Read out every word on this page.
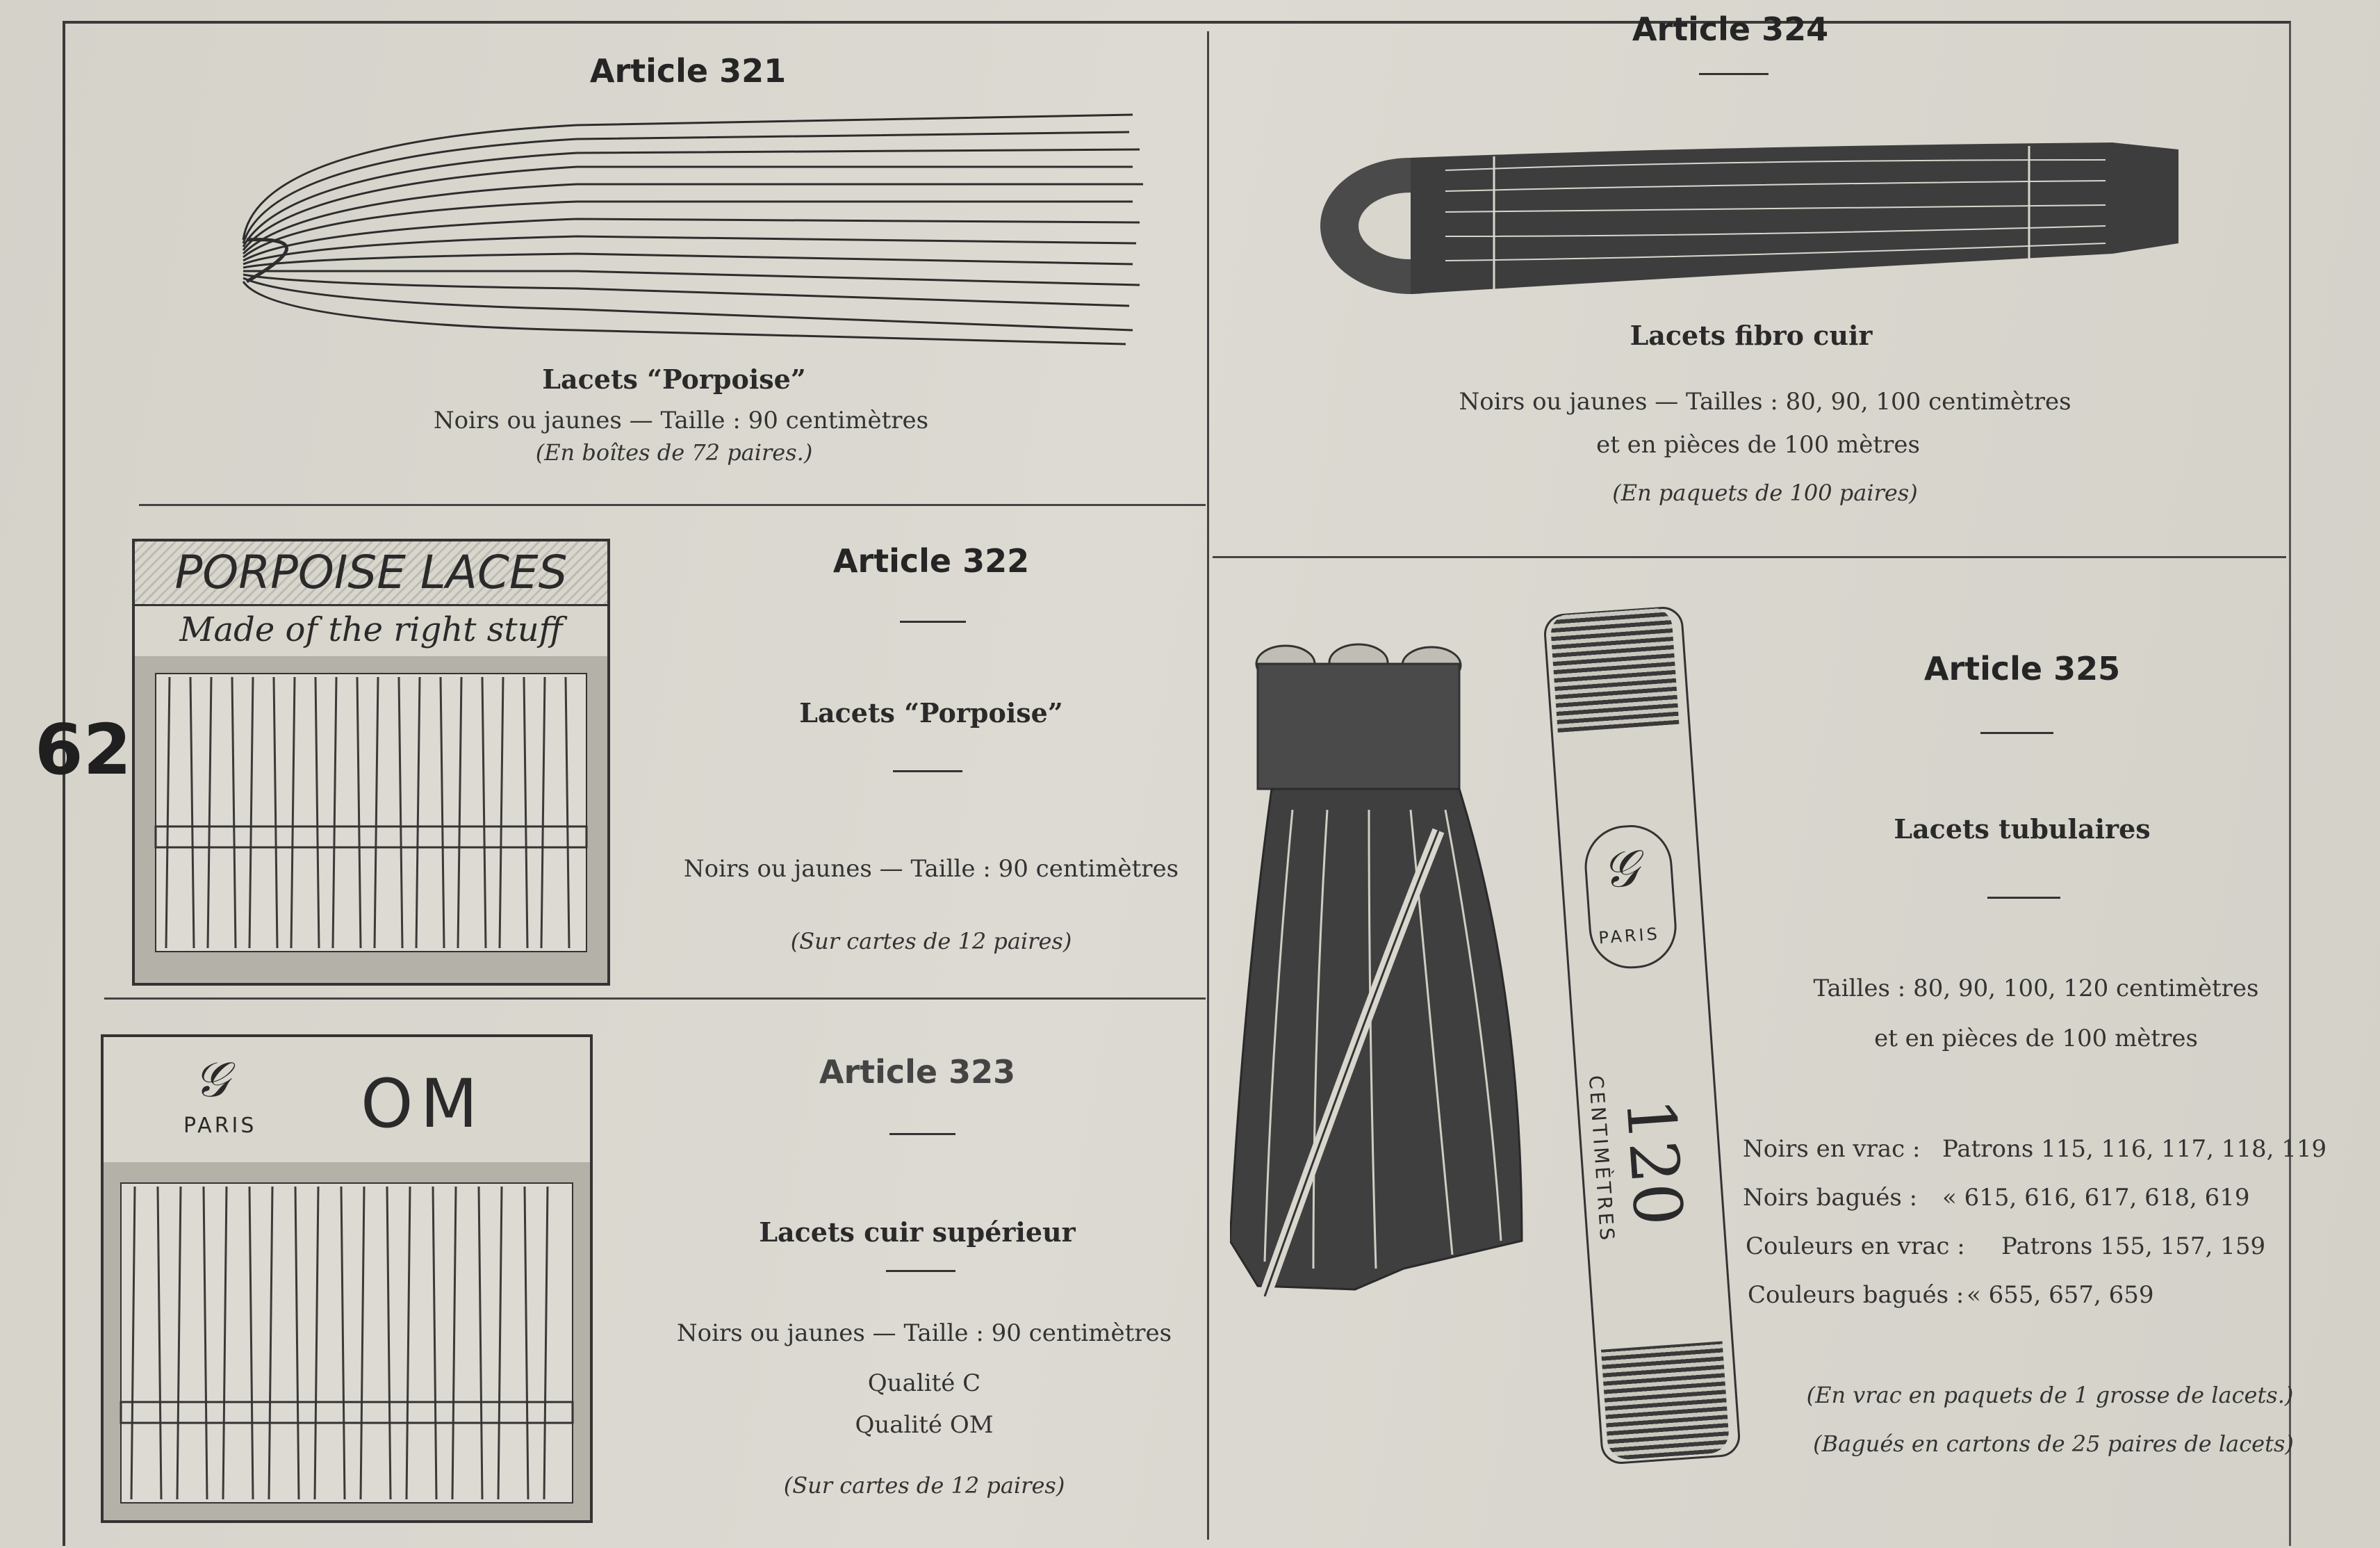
62
Article 321
Lacets “Porpoise”
Noirs ou jaunes — Taille : 90 centimètres
(En boîtes de 72 paires.)
PORPOISE LACES
Made of the right stuff
Article 322
Lacets “Porpoise”
Noirs ou jaunes — Taille : 90 centimètres
(Sur cartes de 12 paires)
𝒢
PARIS OM	Article 323
Lacets cuir supérieur
Noirs ou jaunes — Taille : 90 centimètres
Qualité C
Qualité OM
(Sur cartes de 12 paires)
Article 324
Lacets fibro cuir
Noirs ou jaunes — Tailles : 80, 90, 100 centimètres
et en pièces de 100 mètres
(En paquets de 100 paires)
𝒢
PARIS
120
CENTIMÈTRES
Article 325
Lacets tubulaires
Tailles : 80, 90, 100, 120 centimètres
et en pièces de 100 mètres
Noirs en vrac : Patrons 115, 116, 117, 118, 119
Noirs bagués : « 615, 616, 617, 618, 619
Couleurs en vrac : Patrons 155, 157, 159
Couleurs bagués : « 655, 657, 659
(En vrac en paquets de 1 grosse de lacets.)
(Bagués en cartons de 25 paires de lacets)
